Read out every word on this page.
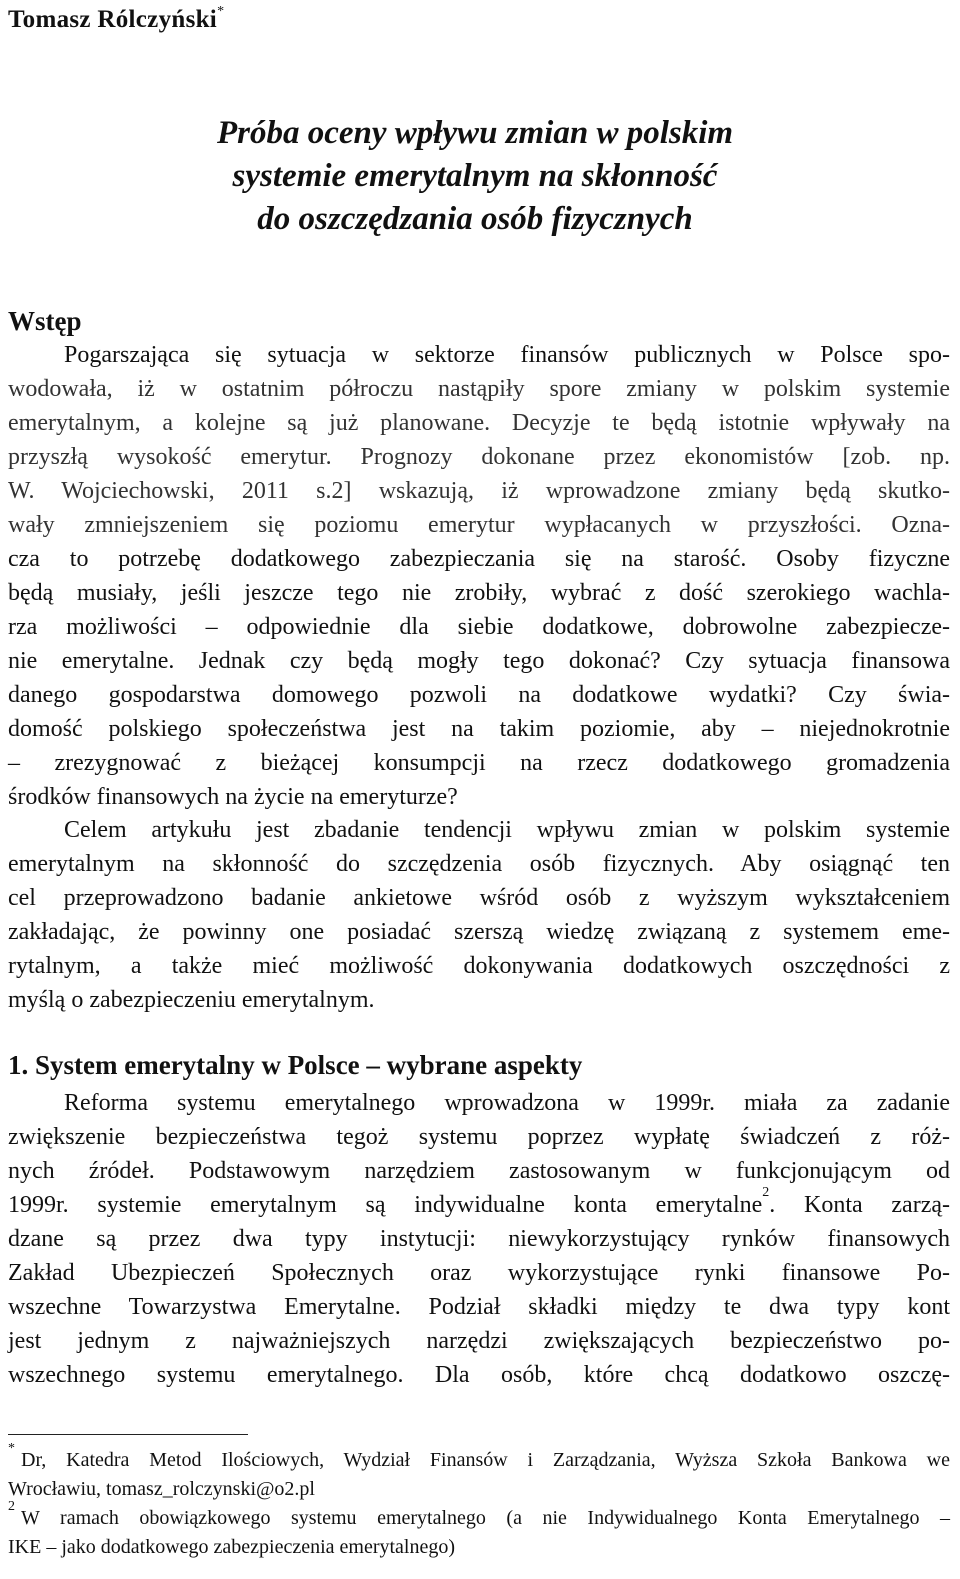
Tomasz Rólczyński*
Próba oceny wpływu zmian w polskim
systemie emerytalnym na skłonność
do oszczędzania osób fizycznych
Wstęp
Pogarszająca się sytuacja w sektorze finansów publicznych w Polsce spo-
wodowała, iż w ostatnim półroczu nastąpiły spore zmiany w polskim systemie
emerytalnym, a kolejne są już planowane. Decyzje te będą istotnie wpływały na
przyszłą wysokość emerytur. Prognozy dokonane przez ekonomistów [zob. np.
W. Wojciechowski, 2011 s.2] wskazują, iż wprowadzone zmiany będą skutko-
wały zmniejszeniem się poziomu emerytur wypłacanych w przyszłości. Ozna-
cza to potrzebę dodatkowego zabezpieczania się na starość. Osoby fizyczne
będą musiały, jeśli jeszcze tego nie zrobiły, wybrać z dość szerokiego wachla-
rza możliwości – odpowiednie dla siebie dodatkowe, dobrowolne zabezpiecze-
nie emerytalne. Jednak czy będą mogły tego dokonać? Czy sytuacja finansowa
danego gospodarstwa domowego pozwoli na dodatkowe wydatki? Czy świa-
domość polskiego społeczeństwa jest na takim poziomie, aby – niejednokrotnie
– zrezygnować z bieżącej konsumpcji na rzecz dodatkowego gromadzenia
środków finansowych na życie na emeryturze?
Celem artykułu jest zbadanie tendencji wpływu zmian w polskim systemie
emerytalnym na skłonność do szczędzenia osób fizycznych. Aby osiągnąć ten
cel przeprowadzono badanie ankietowe wśród osób z wyższym wykształceniem
zakładając, że powinny one posiadać szerszą wiedzę związaną z systemem eme-
rytalnym, a także mieć możliwość dokonywania dodatkowych oszczędności z
myślą o zabezpieczeniu emerytalnym.
1. System emerytalny w Polsce – wybrane aspekty
Reforma systemu emerytalnego wprowadzona w 1999r. miała za zadanie
zwiększenie bezpieczeństwa tegoż systemu poprzez wypłatę świadczeń z róż-
nych źródeł. Podstawowym narzędziem zastosowanym w funkcjonującym od
1999r. systemie emerytalnym są indywidualne konta emerytalne$^2$. Konta zarzą-
dzane są przez dwa typy instytucji: niewykorzystujący rynków finansowych
Zakład Ubezpieczeń Społecznych oraz wykorzystujące rynki finansowe Po-
wszechne Towarzystwa Emerytalne. Podział składki między te dwa typy kont
jest jednym z najważniejszych narzędzi zwiększających bezpieczeństwo po-
wszechnego systemu emerytalnego. Dla osób, które chcą dodatkowo oszczę-
*Dr, Katedra Metod Ilościowych, Wydział Finansów i Zarządzania, Wyższa Szkoła Bankowa we
Wrocławiu, tomasz_rolczynski@o2.pl
$^2$W ramach obowiązkowego systemu emerytalnego (a nie Indywidualnego Konta Emerytalnego –
IKE – jako dodatkowego zabezpieczenia emerytalnego)
